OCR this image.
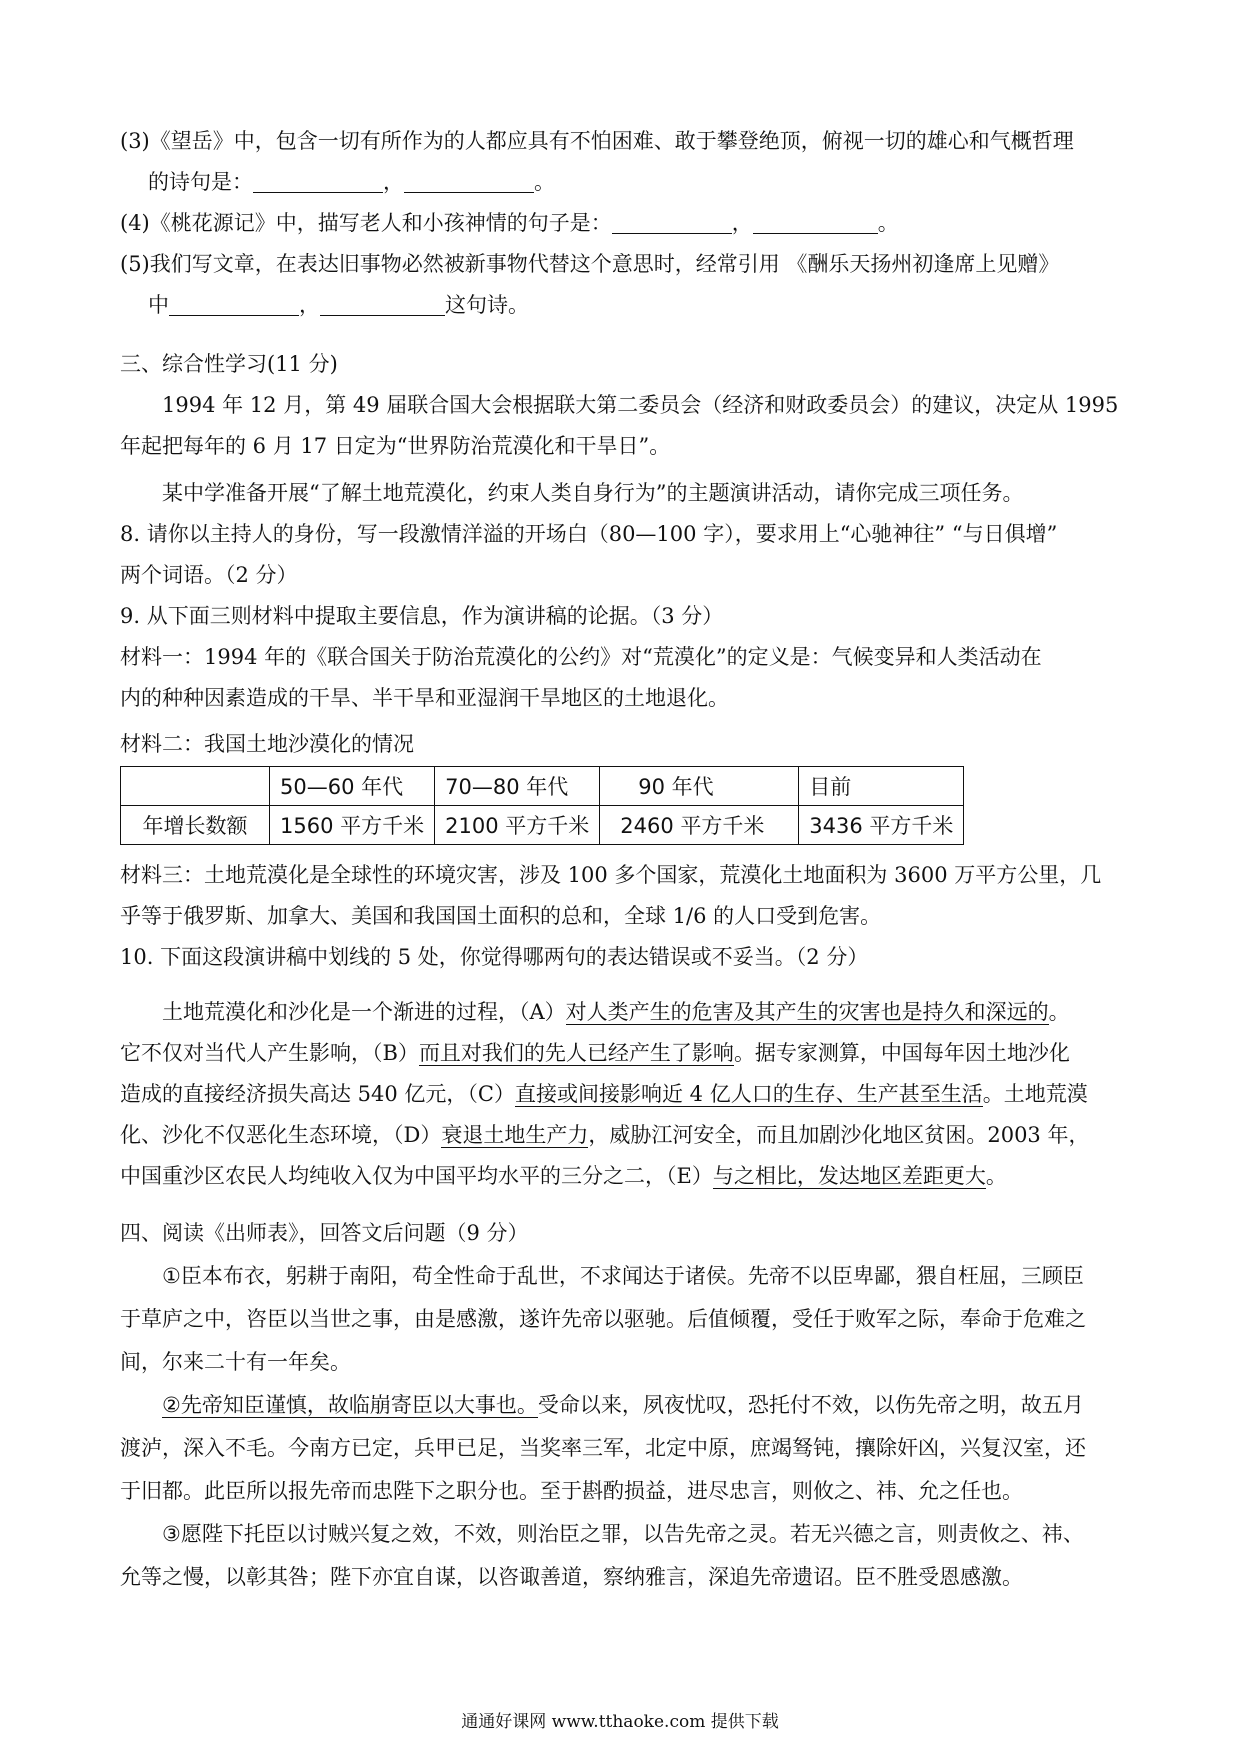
(3)《望岳》中，包含一切有所作为的人都应具有不怕困难、敢于攀登绝顶，俯视一切的雄心和气概哲理
的诗句是：	，	。
(4)《桃花源记》中，描写老人和小孩神情的句子是：	，	。
(5)我们写文章，在表达旧事物必然被新事物代替这个意思时，经常引用 《酬乐天扬州初逢席上见赠》
中	，	这句诗。
三、综合性学习(11 分)
1994 年 12 月，第 49 届联合国大会根据联大第二委员会（经济和财政委员会）的建议，决定从 1995
年起把每年的 6 月 17 日定为“世界防治荒漠化和干旱日”。
某中学准备开展“了解土地荒漠化，约束人类自身行为”的主题演讲活动，请你完成三项任务。
8. 请你以主持人的身份，写一段激情洋溢的开场白（80—100 字），要求用上“心驰神往” “与日俱增”
两个词语。（2 分）
9. 从下面三则材料中提取主要信息，作为演讲稿的论据。（3 分）
材料一：1994 年的《联合国关于防治荒漠化的公约》对“荒漠化”的定义是：气候变异和人类活动在
内的种种因素造成的干旱、半干旱和亚湿润干旱地区的土地退化。
材料二：我国土地沙漠化的情况
	50—60 年代	70—80 年代	90 年代	目前
年增长数额	1560 平方千米	2100 平方千米	2460 平方千米	3436 平方千米
材料三：土地荒漠化是全球性的环境灾害，涉及 100 多个国家，荒漠化土地面积为 3600 万平方公里，几
乎等于俄罗斯、加拿大、美国和我国国土面积的总和，全球 1/6 的人口受到危害。
10. 下面这段演讲稿中划线的 5 处，你觉得哪两句的表达错误或不妥当。（2 分）
土地荒漠化和沙化是一个渐进的过程，（A）对人类产生的危害及其产生的灾害也是持久和深远的。
它不仅对当代人产生影响，（B）而且对我们的先人已经产生了影响。据专家测算，中国每年因土地沙化
造成的直接经济损失高达 540 亿元，（C）直接或间接影响近 4 亿人口的生存、生产甚至生活。土地荒漠
化、沙化不仅恶化生态环境，（D）衰退土地生产力，威胁江河安全，而且加剧沙化地区贫困。2003 年，
中国重沙区农民人均纯收入仅为中国平均水平的三分之二，（E）与之相比，发达地区差距更大。
四、阅读《出师表》，回答文后问题（9 分）
①臣本布衣，躬耕于南阳，苟全性命于乱世，不求闻达于诸侯。先帝不以臣卑鄙，猥自枉屈，三顾臣
于草庐之中，咨臣以当世之事，由是感激，遂许先帝以驱驰。后值倾覆，受任于败军之际，奉命于危难之
间，尔来二十有一年矣。
②先帝知臣谨慎，故临崩寄臣以大事也。受命以来，夙夜忧叹，恐托付不效，以伤先帝之明，故五月
渡泸，深入不毛。今南方已定，兵甲已足，当奖率三军，北定中原，庶竭驽钝，攘除奸凶，兴复汉室，还
于旧都。此臣所以报先帝而忠陛下之职分也。至于斟酌损益，进尽忠言，则攸之、祎、允之任也。
③愿陛下托臣以讨贼兴复之效，不效，则治臣之罪，以告先帝之灵。若无兴德之言，则责攸之、祎、
允等之慢，以彰其咎；陛下亦宜自谋，以咨诹善道，察纳雅言，深追先帝遗诏。臣不胜受恩感激。
通通好课网 www.tthaoke.com 提供下载
